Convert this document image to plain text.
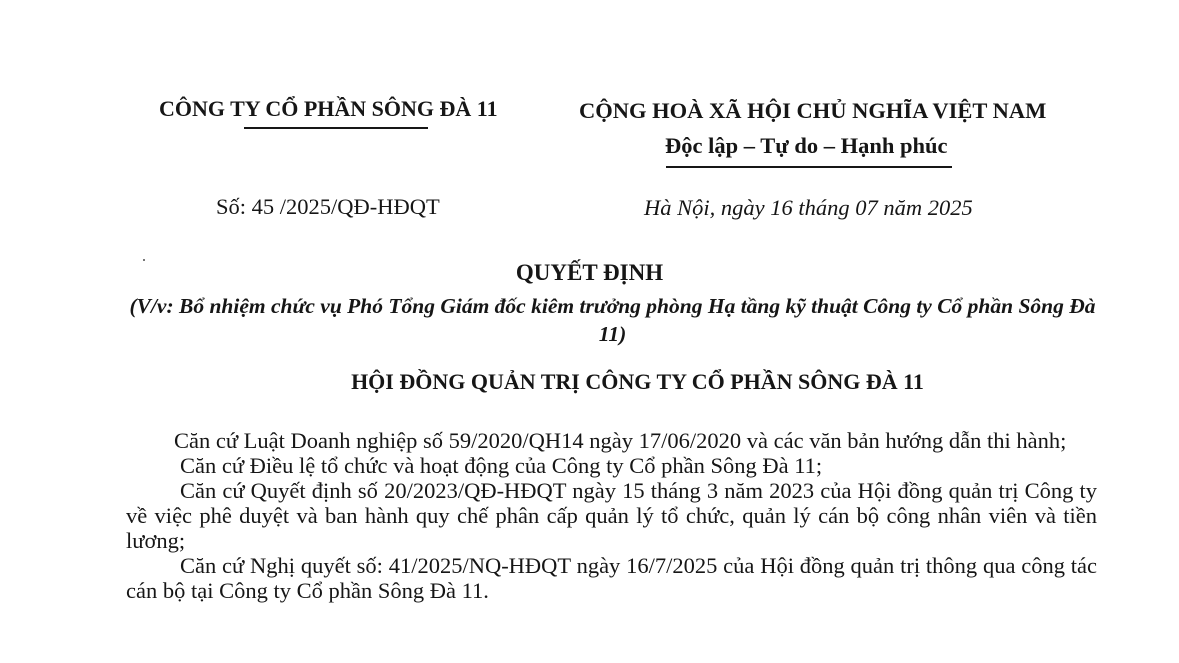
CÔNG TY CỔ PHẦN SÔNG ĐÀ 11	CỘNG HOÀ XÃ HỘI CHỦ NGHĨA VIỆT NAM
Độc lập – Tự do – Hạnh phúc
Số: 45 /2025/QĐ-HĐQT	Hà Nội, ngày 16 tháng 07 năm 2025
QUYẾT ĐỊNH
(V/v: Bổ nhiệm chức vụ Phó Tổng Giám đốc kiêm trưởng phòng Hạ tầng kỹ thuật Công ty Cổ phần Sông Đà 11)
HỘI ĐỒNG QUẢN TRỊ CÔNG TY CỔ PHẦN SÔNG ĐÀ 11

Căn cứ Luật Doanh nghiệp số 59/2020/QH14 ngày 17/06/2020 và các văn bản hướng dẫn thi hành;

Căn cứ Điều lệ tổ chức và hoạt động của Công ty Cổ phần Sông Đà 11;

Căn cứ Quyết định số 20/2023/QĐ-HĐQT ngày 15 tháng 3 năm 2023 của Hội đồng quản trị Công ty về việc phê duyệt và ban hành quy chế phân cấp quản lý tổ chức, quản lý cán bộ công nhân viên và tiền lương;

Căn cứ Nghị quyết số: 41/2025/NQ-HĐQT ngày 16/7/2025 của Hội đồng quản trị thông qua công tác cán bộ tại Công ty Cổ phần Sông Đà 11.
